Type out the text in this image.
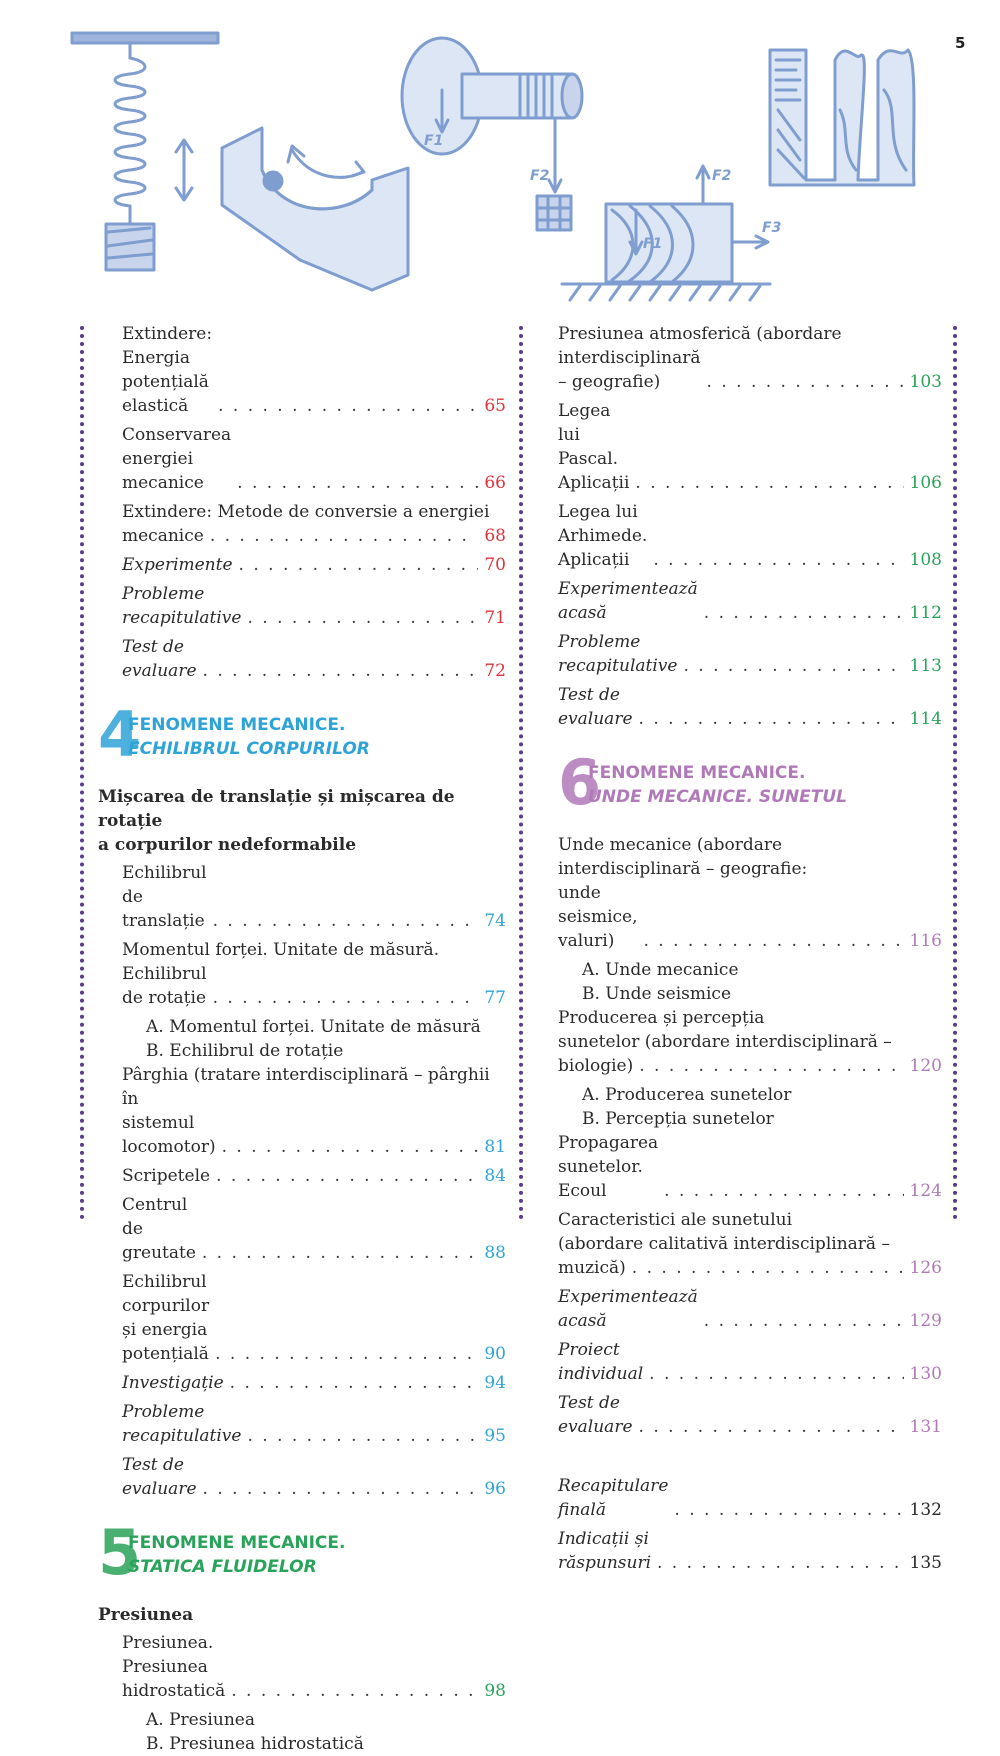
5
F1
F2
F1
F2
F3
Extindere: Energia potențială elastică . . .	65
Conservarea energiei mecanice . . .	66
Extindere: Metode de conversie a energiei
mecanice . . .	68
Experimente . . .	70
Probleme recapitulative . . .	71
Test de evaluare . . .	72
4
FENOMENE MECANICE.
ECHILIBRUL CORPURILOR
Mișcarea de translație și mișcarea de rotație
a corpurilor nedeformabile
Echilibrul de translație . . .	74
Momentul forței. Unitate de măsură.
Echilibrul de rotație . . .	77
A. Momentul forței. Unitate de măsură
B. Echilibrul de rotație
Pârghia (tratare interdisciplinară – pârghii
în sistemul locomotor) . . .	81
Scripetele . . .	84
Centrul de greutate . . .	88
Echilibrul corpurilor și energia potențială . . .	90
Investigație . . .	94
Probleme recapitulative . . .	95
Test de evaluare . . .	96
5
FENOMENE MECANICE.
STATICA FLUIDELOR
Presiunea
Presiunea. Presiunea hidrostatică . . .	98
A. Presiunea
B. Presiunea hidrostatică
Presiunea atmosferică (abordare
interdisciplinară – geografie) . . .	103
Legea lui Pascal. Aplicații . . .	106
Legea lui Arhimede. Aplicații . . .	108
Experimentează acasă . . .	112
Probleme recapitulative . . .	113
Test de evaluare . . .	114
6
FENOMENE MECANICE.
UNDE MECANICE. SUNETUL
Unde mecanice (abordare
interdisciplinară – geografie:
unde seismice, valuri) . . .	116
A. Unde mecanice
B. Unde seismice
Producerea și percepția
sunetelor (abordare interdisciplinară –
biologie) . . .	120
A. Producerea sunetelor
B. Percepția sunetelor
Propagarea sunetelor. Ecoul . . .	124
Caracteristici ale sunetului
(abordare calitativă interdisciplinară –
muzică) . . .	126
Experimentează acasă . . .	129
Proiect individual . . .	130
Test de evaluare . . .	131
Recapitulare finală . . .	132
Indicații și răspunsuri . . .	135
